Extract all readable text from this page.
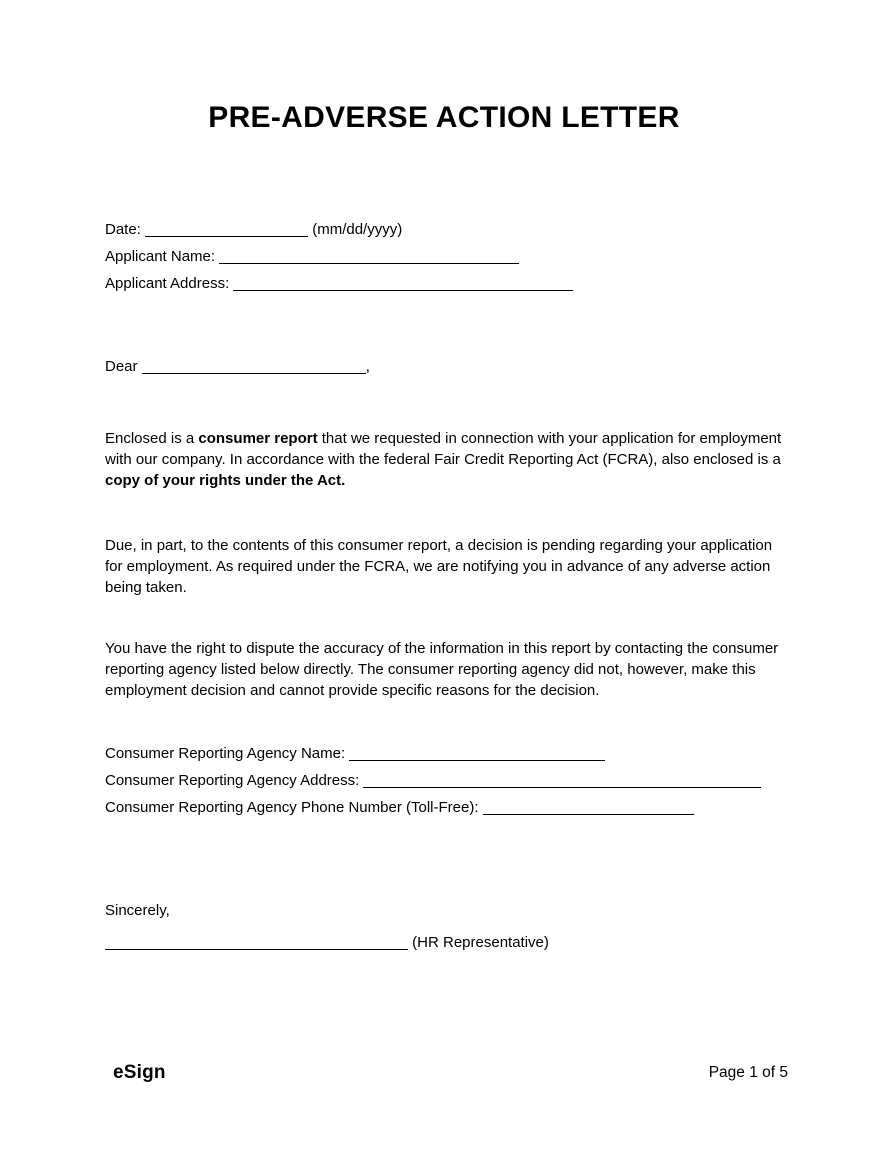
PRE-ADVERSE ACTION LETTER
Date:	(mm/dd/yyyy)
Applicant Name:
Applicant Address:
Dear	,
Enclosed is a consumer report that we requested in connection with your application for employment with our company. In accordance with the federal Fair Credit Reporting Act (FCRA), also enclosed is a copy of your rights under the Act.
Due, in part, to the contents of this consumer report, a decision is pending regarding your application for employment. As required under the FCRA, we are notifying you in advance of any adverse action being taken.
You have the right to dispute the accuracy of the information in this report by contacting the consumer reporting agency listed below directly. The consumer reporting agency did not, however, make this employment decision and cannot provide specific reasons for the decision.
Consumer Reporting Agency Name:
Consumer Reporting Agency Address:
Consumer Reporting Agency Phone Number (Toll-Free):
Sincerely,
(HR Representative)
eSign	Page 1 of 5
